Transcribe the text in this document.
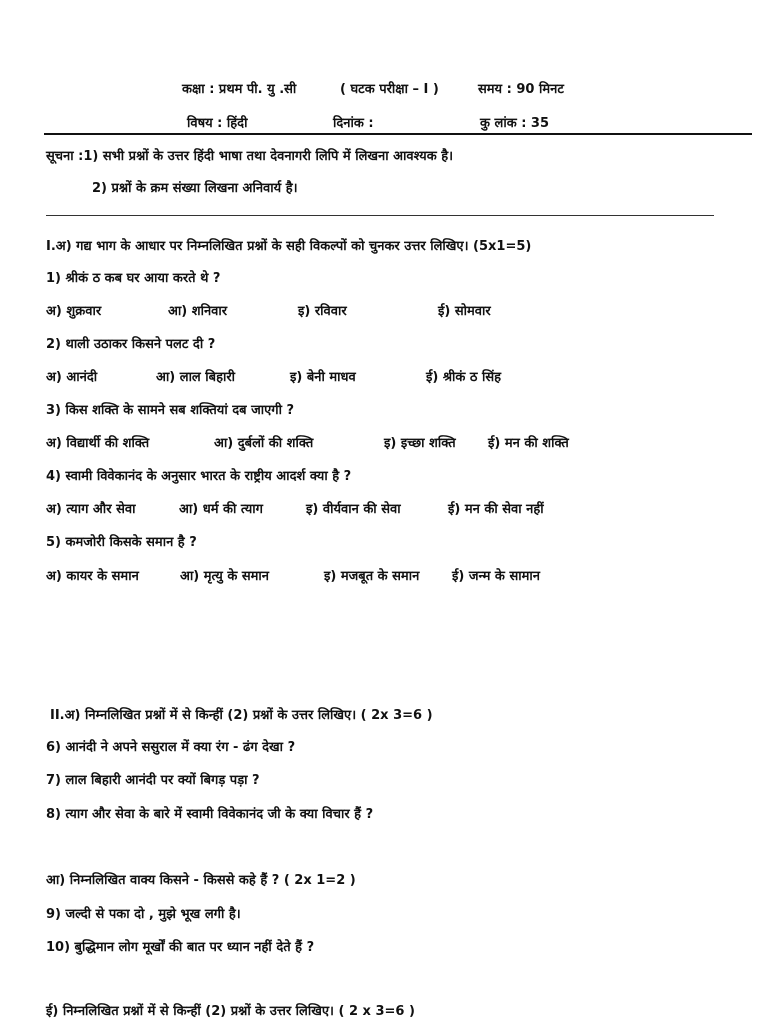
कक्षा : प्रथम पी. यु .सी	( घटक परीक्षा – I )	समय : 90 मिनट
विषय : हिंदी	दिनांक :	कु लांक : 35
सूचना :1) सभी प्रश्नों के उत्तर हिंदी भाषा तथा देवनागरी लिपि में लिखना आवश्यक है।
2) प्रश्नों के क्रम संख्या लिखना अनिवार्य है।
I.अ) गद्य भाग के आधार पर निम्नलिखित प्रश्नों के सही विकल्पों को चुनकर उत्तर लिखिए। (5x1=5)
1) श्रीकं ठ कब घर आया करते थे ?
अ) शुक्रवार	आ) शनिवार	इ) रविवार	ई) सोमवार
2) थाली उठाकर किसने पलट दी ?
अ) आनंदी	आ) लाल बिहारी	इ) बेनी माधव	ई) श्रीकं ठ सिंह
3) किस शक्ति के सामने सब शक्तियां दब जाएगी ?
अ) विद्यार्थी की शक्ति	आ) दुर्बलों की शक्ति	इ) इच्छा शक्ति ई) मन की शक्ति
4) स्वामी विवेकानंद के अनुसार भारत के राष्ट्रीय आदर्श क्या है ?
अ) त्याग और सेवा	आ) धर्म की त्याग	इ) वीर्यवान की सेवा	ई) मन की सेवा नहीं
5) कमजोरी किसके समान है ?
अ) कायर के समान	आ) मृत्यु के समान	इ) मजबूत के समान	ई) जन्म के सामान
II.अ) निम्नलिखित प्रश्नों में से किन्हीं (2) प्रश्नों के उत्तर लिखिए। ( 2x 3=6 )
6) आनंदी ने अपने ससुराल में क्या रंग - ढंग देखा ?
7) लाल बिहारी आनंदी पर क्यों बिगड़ पड़ा ?
8) त्याग और सेवा के बारे में स्वामी विवेकानंद जी के क्या विचार हैं ?
आ) निम्नलिखित वाक्य किसने - किससे कहे हैं ? ( 2x 1=2 )
9) जल्दी से पका दो , मुझे भूख लगी है।
10) बुद्धिमान लोग मूर्खों की बात पर ध्यान नहीं देते हैं ?
ई) निम्नलिखित प्रश्नों में से किन्हीं (2) प्रश्नों के उत्तर लिखिए। ( 2 x 3=6 )
